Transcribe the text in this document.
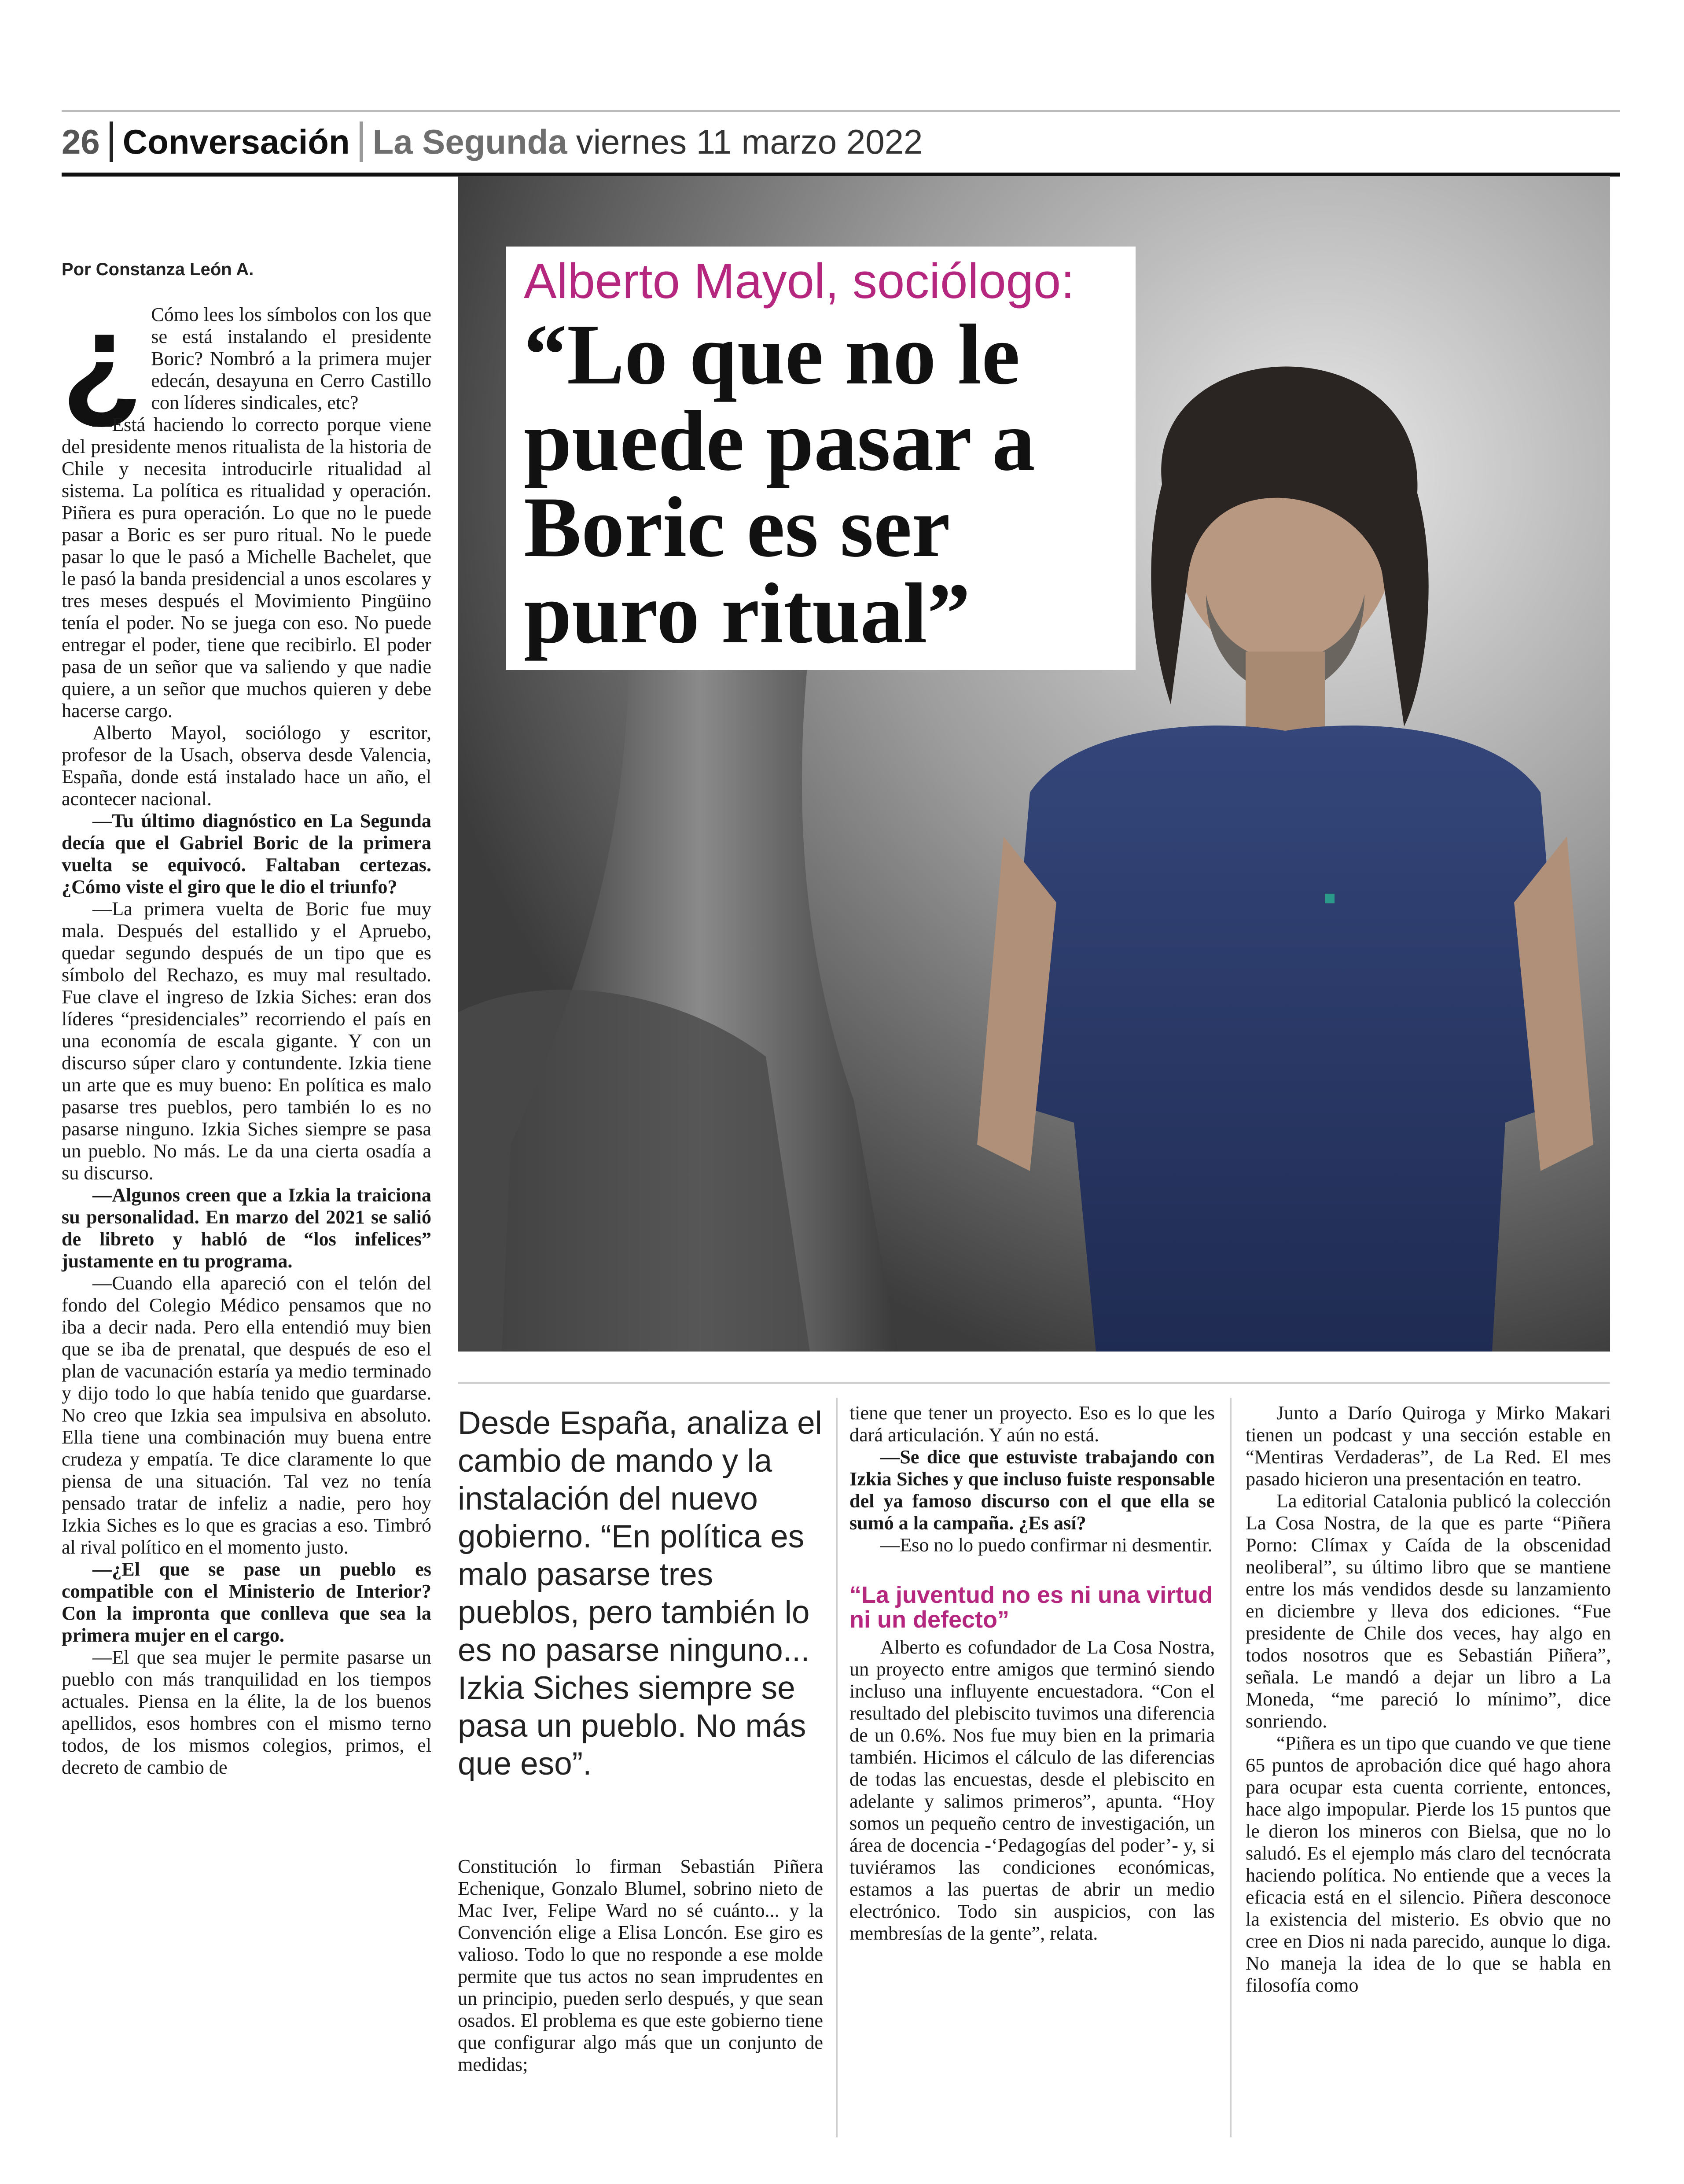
26 Conversación La Segunda viernes 11 marzo 2022
Alberto Mayol, sociólogo:
“Lo que no le puede pasar a Boric es ser puro ritual”
Por Constanza León A.
¿ Cómo lees los símbolos con los que se está instalando el presidente Boric? Nombró a la primera mujer edecán, desayuna en Cerro Castillo con líderes sindicales, etc?

—Está haciendo lo correcto porque viene del presidente menos ritualista de la historia de Chile y necesita introducirle ritualidad al sistema. La política es ritualidad y operación. Piñera es pura operación. Lo que no le puede pasar a Boric es ser puro ritual. No le puede pasar lo que le pasó a Michelle Bachelet, que le pasó la banda presidencial a unos escolares y tres meses después el Movimiento Pingüino tenía el poder. No se juega con eso. No puede entregar el poder, tiene que recibirlo. El poder pasa de un señor que va saliendo y que nadie quiere, a un señor que muchos quieren y debe hacerse cargo.

Alberto Mayol, sociólogo y escritor, profesor de la Usach, observa desde Valencia, España, donde está instalado hace un año, el acontecer nacional.

—Tu último diagnóstico en La Segunda decía que el Gabriel Boric de la primera vuelta se equivocó. Faltaban certezas. ¿Cómo viste el giro que le dio el triunfo?

—La primera vuelta de Boric fue muy mala. Después del estallido y el Apruebo, quedar segundo después de un tipo que es símbolo del Rechazo, es muy mal resultado. Fue clave el ingreso de Izkia Siches: eran dos líderes “presidenciales” recorriendo el país en una economía de escala gigante. Y con un discurso súper claro y contundente. Izkia tiene un arte que es muy bueno: En política es malo pasarse tres pueblos, pero también lo es no pasarse ninguno. Izkia Siches siempre se pasa un pueblo. No más. Le da una cierta osadía a su discurso.

—Algunos creen que a Izkia la traiciona su personalidad. En marzo del 2021 se salió de libreto y habló de “los infelices” justamente en tu programa.

—Cuando ella apareció con el telón del fondo del Colegio Médico pensamos que no iba a decir nada. Pero ella entendió muy bien que se iba de prenatal, que después de eso el plan de vacunación estaría ya medio terminado y dijo todo lo que había tenido que guardarse. No creo que Izkia sea impulsiva en absoluto. Ella tiene una combinación muy buena entre crudeza y empatía. Te dice claramente lo que piensa de una situación. Tal vez no tenía pensado tratar de infeliz a nadie, pero hoy Izkia Siches es lo que es gracias a eso. Timbró al rival político en el momento justo.

—¿El que se pase un pueblo es compatible con el Ministerio de Interior? Con la impronta que conlleva que sea la primera mujer en el cargo.

—El que sea mujer le permite pasarse un pueblo con más tranquilidad en los tiempos actuales. Piensa en la élite, la de los buenos apellidos, esos hombres con el mismo terno todos, de los mismos colegios, primos, el decreto de cambio de

Desde España, analiza el cambio de mando y la instalación del nuevo gobierno. “En política es malo pasarse tres pueblos, pero también lo es no pasarse ninguno... Izkia Siches siempre se pasa un pueblo. No más que eso”.

Constitución lo firman Sebastián Piñera Echenique, Gonzalo Blumel, sobrino nieto de Mac Iver, Felipe Ward no sé cuánto... y la Convención elige a Elisa Loncón. Ese giro es valioso. Todo lo que no responde a ese molde permite que tus actos no sean imprudentes en un principio, pueden serlo después, y que sean osados. El problema es que este gobierno tiene que configurar algo más que un conjunto de medidas;

tiene que tener un proyecto. Eso es lo que les dará articulación. Y aún no está.

—Se dice que estuviste trabajando con Izkia Siches y que incluso fuiste responsable del ya famoso discurso con el que ella se sumó a la campaña. ¿Es así?

—Eso no lo puedo confirmar ni desmentir.

“La juventud no es ni una virtud ni un defecto”

Alberto es cofundador de La Cosa Nostra, un proyecto entre amigos que terminó siendo incluso una influyente encuestadora. “Con el resultado del plebiscito tuvimos una diferencia de un 0.6%. Nos fue muy bien en la primaria también. Hicimos el cálculo de las diferencias de todas las encuestas, desde el plebiscito en adelante y salimos primeros”, apunta. “Hoy somos un pequeño centro de investigación, un área de docencia -‘Pedagogías del poder’- y, si tuviéramos las condiciones económicas, estamos a las puertas de abrir un medio electrónico. Todo sin auspicios, con las membresías de la gente”, relata.

Junto a Darío Quiroga y Mirko Makari tienen un podcast y una sección estable en “Mentiras Verdaderas”, de La Red. El mes pasado hicieron una presentación en teatro.

La editorial Catalonia publicó la colección La Cosa Nostra, de la que es parte “Piñera Porno: Clímax y Caída de la obscenidad neoliberal”, su último libro que se mantiene entre los más vendidos desde su lanzamiento en diciembre y lleva dos ediciones. “Fue presidente de Chile dos veces, hay algo en todos nosotros que es Sebastián Piñera”, señala. Le mandó a dejar un libro a La Moneda, “me pareció lo mínimo”, dice sonriendo.

“Piñera es un tipo que cuando ve que tiene 65 puntos de aprobación dice qué hago ahora para ocupar esta cuenta corriente, entonces, hace algo impopular. Pierde los 15 puntos que le dieron los mineros con Bielsa, que no lo saludó. Es el ejemplo más claro del tecnócrata haciendo política. No entiende que a veces la eficacia está en el silencio. Piñera desconoce la existencia del misterio. Es obvio que no cree en Dios ni nada parecido, aunque lo diga. No maneja la idea de lo que se habla en filosofía como
